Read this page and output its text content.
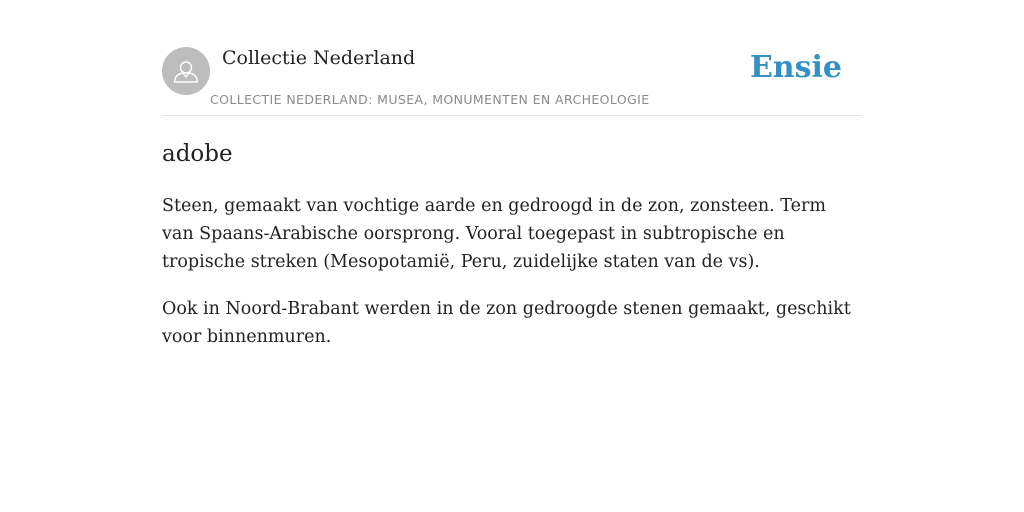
Collectie Nederland
COLLECTIE NEDERLAND: MUSEA, MONUMENTEN EN ARCHEOLOGIE
Ensie
adobe

Steen, gemaakt van vochtige aarde en gedroogd in de zon, zonsteen. Term van Spaans-Arabische oorsprong. Vooral toegepast in subtropische en tropische streken (Mesopotamië, Peru, zuidelijke staten van de vs).

Ook in Noord-Brabant werden in de zon gedroogde stenen gemaakt, geschikt voor binnenmuren.
